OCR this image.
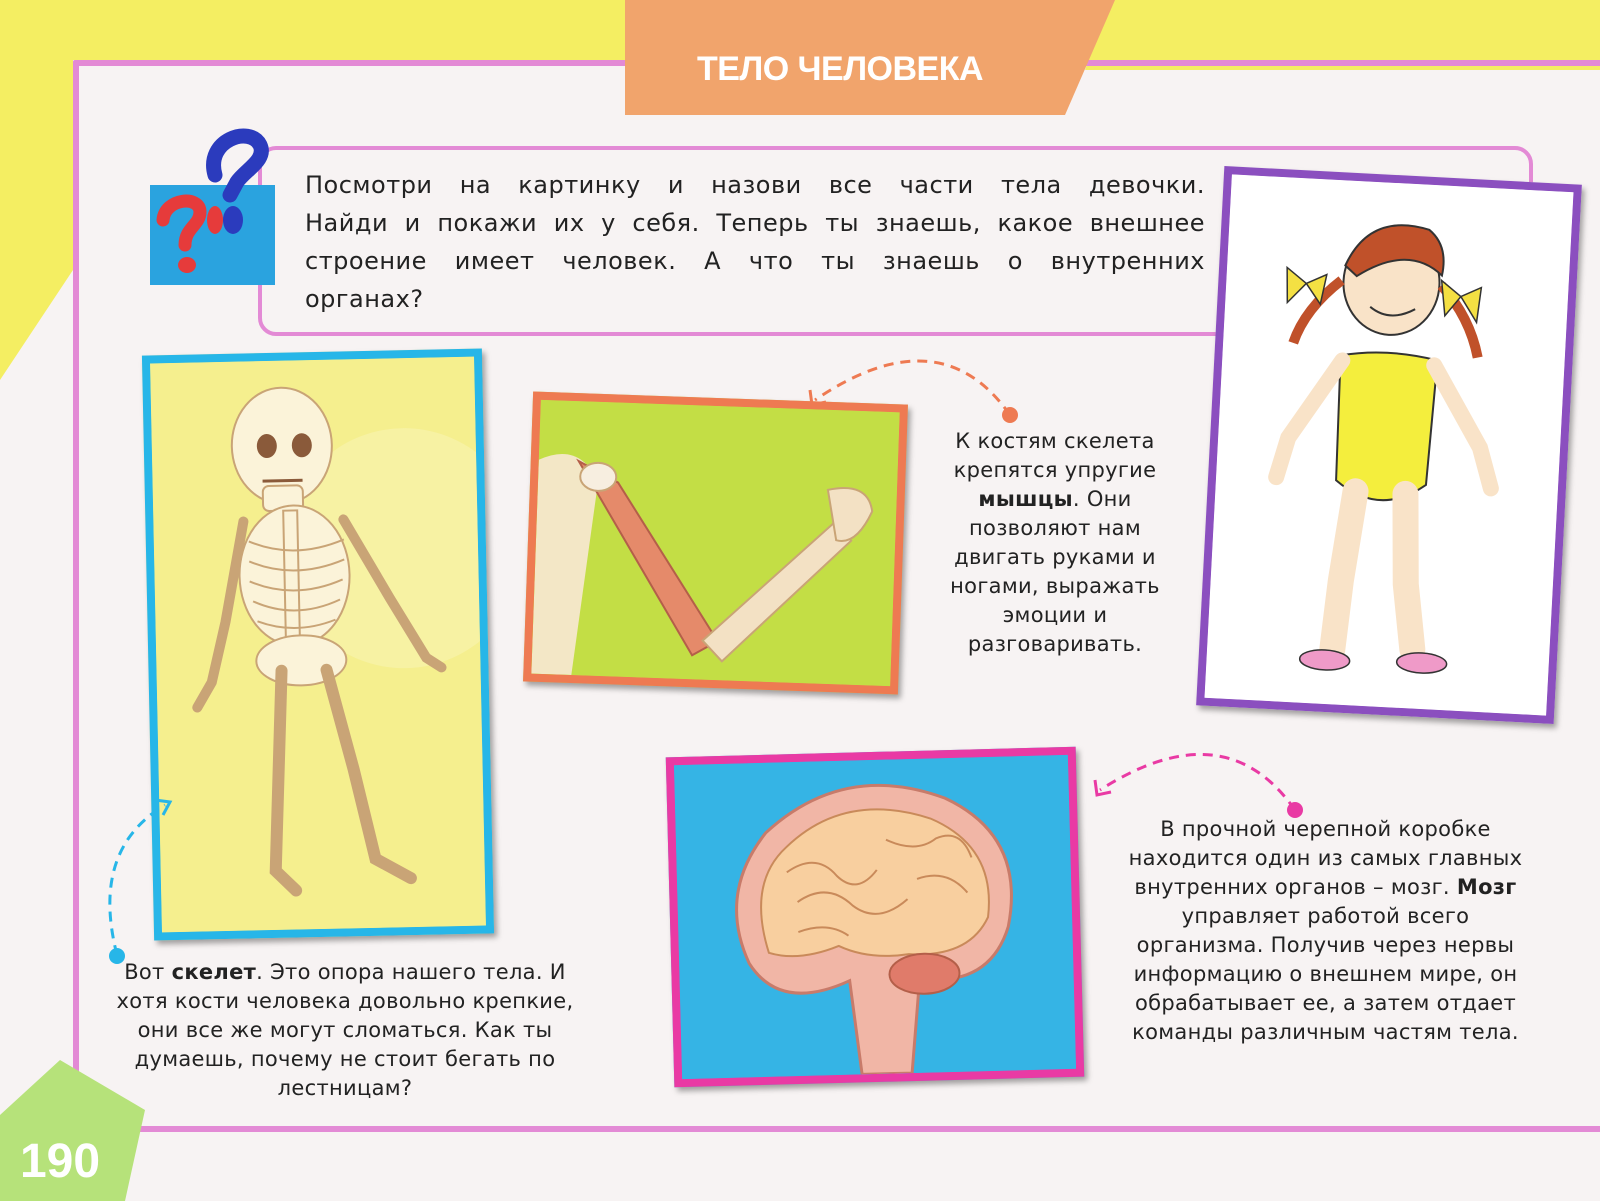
ТЕЛО ЧЕЛОВЕКА
Посмотри на картинку и назови все части тела девочки. Найди и покажи их у себя. Теперь ты знаешь, какое внешнее строение имеет человек. А что ты знаешь о внутренних органах?
К костям скелета крепятся упругие мышцы. Они позволяют нам двигать руками и ногами, выражать эмоции и разговаривать.
Вот скелет. Это опора нашего тела. И хотя кости человека довольно крепкие, они все же могут сломаться. Как ты думаешь, почему не стоит бегать по лестницам?
В прочной черепной коробке находится один из самых главных внутренних органов – мозг. Мозг управляет работой всего организма. Получив через нервы информацию о внешнем мире, он обрабатывает ее, а затем отдает команды различным частям тела.
190
